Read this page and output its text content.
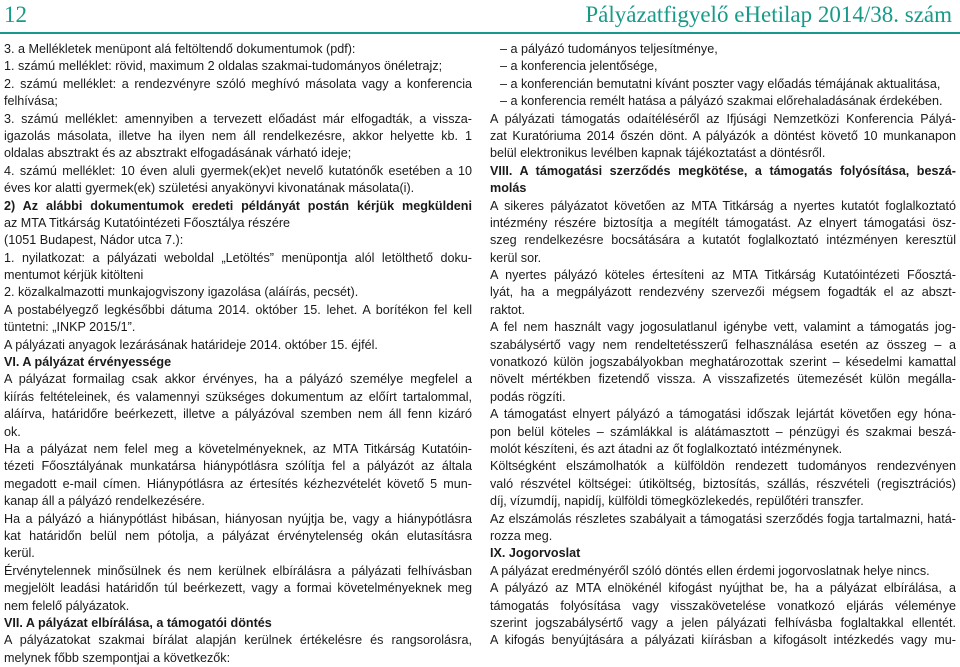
12	Pályázatfigyelő eHetilap 2014/38. szám
3. a Mellékletek menüpont alá feltöltendő dokumentumok (pdf):
1. számú melléklet: rövid, maximum 2 oldalas szakmai-tudományos önéletrajz;
2. számú melléklet: a rendezvényre szóló meghívó másolata vagy a konferencia
felhívása;
3. számú melléklet: amennyiben a tervezett előadást már elfogadták, a vissza-
igazolás másolata, illetve ha ilyen nem áll rendelkezésre, akkor helyette kb. 1
oldalas absztrakt és az absztrakt elfogadásának várható ideje;
4. számú melléklet: 10 éven aluli gyermek(ek)et nevelő kutatónők esetében a 10
éves kor alatti gyermek(ek) születési anyakönyvi kivonatának másolata(i).
2) Az alábbi dokumentumok eredeti példányát postán kérjük megküldeni
az MTA Titkárság Kutatóintézeti Főosztálya részére
(1051 Budapest, Nádor utca 7.):
1. nyilatkozat: a pályázati weboldal „Letöltés” menüpontja alól letölthető doku-
mentumot kérjük kitölteni
2. közalkalmazotti munkajogviszony igazolása (aláírás, pecsét).
A postabélyegző legkésőbbi dátuma 2014. október 15. lehet. A borítékon fel kell
tüntetni: „INKP 2015/1”.
A pályázati anyagok lezárásának határideje 2014. október 15. éjfél.
VI. A pályázat érvényessége
A pályázat formailag csak akkor érvényes, ha a pályázó személye megfelel a
kiírás feltételeinek, és valamennyi szükséges dokumentum az előírt tartalommal,
aláírva, határidőre beérkezett, illetve a pályázóval szemben nem áll fenn kizáró
ok.
Ha a pályázat nem felel meg a követelményeknek, az MTA Titkárság Kutatóin-
tézeti Főosztályának munkatársa hiánypótlásra szólítja fel a pályázót az általa
megadott e-mail címen. Hiánypótlásra az értesítés kézhezvételét követő 5 mun-
kanap áll a pályázó rendelkezésére.
Ha a pályázó a hiánypótlást hibásan, hiányosan nyújtja be, vagy a hiánypótlásra
kat határidőn belül nem pótolja, a pályázat érvénytelenség okán elutasításra
kerül.
Érvénytelennek minősülnek és nem kerülnek elbírálásra a pályázati felhívásban
megjelölt leadási határidőn túl beérkezett, vagy a formai követelményeknek meg
nem felelő pályázatok.
VII. A pályázat elbírálása, a támogatói döntés
A pályázatokat szakmai bírálat alapján kerülnek értékelésre és rangsorolásra,
melynek főbb szempontjai a következők:
– a pályázó tudományos teljesítménye,
– a konferencia jelentősége,
– a konferencián bemutatni kívánt poszter vagy előadás témájának aktualitása,
– a konferencia remélt hatása a pályázó szakmai előrehaladásának érdekében.
A pályázati támogatás odaítéléséről az Ifjúsági Nemzetközi Konferencia Pályá-
zat Kuratóriuma 2014 őszén dönt. A pályázók a döntést követő 10 munkanapon
belül elektronikus levélben kapnak tájékoztatást a döntésről.
VIII. A támogatási szerződés megkötése, a támogatás folyósítása, beszá-
molás
A sikeres pályázatot követően az MTA Titkárság a nyertes kutatót foglalkoztató
intézmény részére biztosítja a megítélt támogatást. Az elnyert támogatási ösz-
szeg rendelkezésre bocsátására a kutatót foglalkoztató intézményen keresztül
kerül sor.
A nyertes pályázó köteles értesíteni az MTA Titkárság Kutatóintézeti Főosztá-
lyát, ha a megpályázott rendezvény szervezői mégsem fogadták el az abszt-
raktot.
A fel nem használt vagy jogosulatlanul igénybe vett, valamint a támogatás jog-
szabálysértő vagy nem rendeltetésszerű felhasználása esetén az összeg – a
vonatkozó külön jogszabályokban meghatározottak szerint – késedelmi kamattal
növelt mértékben fizetendő vissza. A visszafizetés ütemezését külön megálla-
podás rögzíti.
A támogatást elnyert pályázó a támogatási időszak lejártát követően egy hóna-
pon belül köteles – számlákkal is alátámasztott – pénzügyi és szakmai beszá-
molót készíteni, és azt átadni az őt foglalkoztató intézménynek.
Költségként elszámolhatók a külföldön rendezett tudományos rendezvényen
való részvétel költségei: útiköltség, biztosítás, szállás, részvételi (regisztrációs)
díj, vízumdíj, napidíj, külföldi tömegközlekedés, repülőtéri transzfer.
Az elszámolás részletes szabályait a támogatási szerződés fogja tartalmazni, hatá-
rozza meg.
IX. Jogorvoslat
A pályázat eredményéről szóló döntés ellen érdemi jogorvoslatnak helye nincs.
A pályázó az MTA elnökénél kifogást nyújthat be, ha a pályázat elbírálása, a
támogatás folyósítása vagy visszakövetelése vonatkozó eljárás véleménye
szerint jogszabálysértő vagy a jelen pályázati felhívásba foglaltakkal ellentét.
A kifogás benyújtására a pályázati kiírásban a kifogásolt intézkedés vagy mu-
